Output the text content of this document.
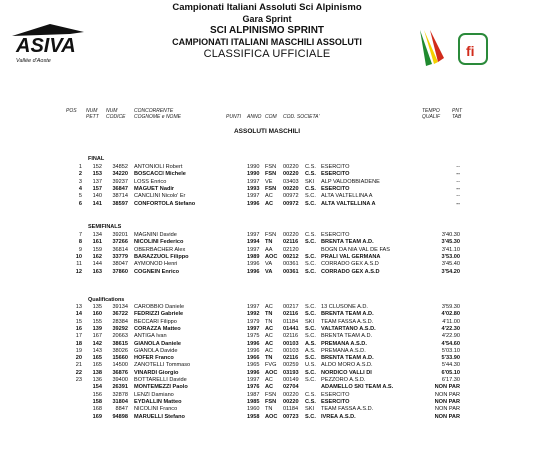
ASIVA
Vallée d'Aoste
fi
Campionati Italiani Assoluti Sci Alpinismo
Gara Sprint
SCI ALPINISMO SPRINT
CAMPIONATI ITALIANI MASCHILI ASSOLUTI
CLASSIFICA UFFICIALE
POS NUM
PETT
NUM
CODICE
CONCORRENTE
COGNOME e NOME	PUNTI ANNO COM COD. SOCIETA'
TEMPO
QUALIF
PNT
TAB
ASSOLUTI MASCHILI
FINAL
1	152	34852 ANTONIOLI Robert	1990 FSN 00220 C.S. ESERCITO	--
2	153	34220 BOSCACCI Michele	1990 FSN 00220 C.S. ESERCITO	--
3	137	39237 LOSS Enrico	1997 VE 03403 SKI ALP VALDOBBIADENE	--
4	157	36847 MAGUET Nadir	1993 FSN 00220 C.S. ESERCITO	--
5	140	38714 CANCLINI Nicolo' Er	1997 AC 00972 S.C. ALTA VALTELLINA A	--
6	141	38597 CONFORTOLA Stefano	1996 AC 00972 S.C. ALTA VALTELLINA A	--
SEMIFINALS
7	134	39201 MAGNINI Davide	1997 FSN 00220 C.S. ESERCITO	3'40.30
8	161	37266 NICOLINI Federico	1994 TN 02116 S.C. BRENTA TEAM A.D.	3'45.30
9	159	36814 OBERBACHER Alex	1997 AA 02120	BOGN DA NIA VAL DE FAS	3'41.10
10	162	33779 BARAZZUOL Filippo	1989 AOC 00212 S.C. PRALI VAL GERMANA	3'53.00
11	144	38047 AYMONOD Henri	1996 VA 00361 S.C. CORRADO GEX A.S.D	3'45.40
12	163	37860 COGNEIN Enrico	1996 VA 00361 S.C. CORRADO GEX A.S.D	3'54.20
Qualifications
13	135	39134 CAROBBIO Daniele	1997 AC 00217 S.C. 13 CLUSONE A.D.	3'59.30
14	160	36722 FEDRIZZI Gabriele	1992 TN 02116 S.C. BRENTA TEAM A.D.	4'02.80
15	155	28384 BECCARI Filippo	1979 TN 01184 SKI TEAM FASSA A.S.D.	4'11.00
16	139	39292 CORAZZA Matteo	1997 AC 01441 S.C. VALTARTANO A.S.D.	4'22.30
17	167	20663 ANTIGA Ivan	1975 AC 02116 S.C. BRENTA TEAM A.D.	4'22.90
18	142	38615 GIANOLA Daniele	1996 AC 00103 A.S. PREMANA A.S.D.	4'54.60
19	143	38026 GIANOLA Davide	1996 AC 00103 A.S. PREMANA A.S.D.	5'03.10
20	165	15660 HOFER Franco	1966 TN 02116 S.C. BRENTA TEAM A.D.	5'33.90
21	165	14500 ZANOTELLI Tommaso	1965 FVG 00259 U.S. ALDO MORO A.S.D.	5'44.30
22	138	36876 VINARDI Giorgio	1996 AOC 03193 S.C. NORDICO VALLI DI	6'05.10
23	136	39400 BOTTARELLI Davide	1997 AC 00149 S.C. PEZZORO A.S.D.	6'17.30
154	26391 MONTEMEZZI Paolo	1976 AC 02704	ADAMELLO SKI TEAM A.S.	NON PAR
156	32878 LENZI Damiano	1987 FSN 00220 C.S. ESERCITO	NON PAR
158	31804 EYDALLIN Matteo	1985 FSN 00220 C.S. ESERCITO	NON PAR
168	8847 NICOLINI Franco	1960 TN 01184 SKI TEAM FASSA A.S.D.	NON PAR
169	94898 MARUELLI Stefano	1958 AOC 00723 S.C. IVREA A.S.D.	NON PAR
